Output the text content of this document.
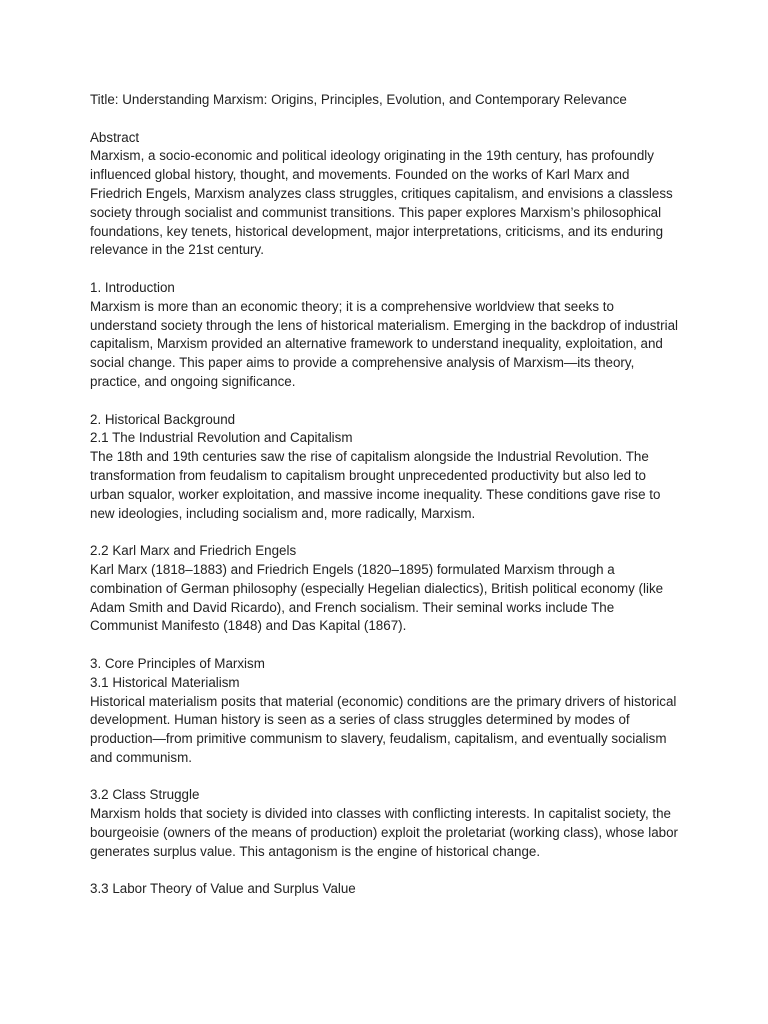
Title: Understanding Marxism: Origins, Principles, Evolution, and Contemporary Relevance

Abstract

Marxism, a socio-economic and political ideology originating in the 19th century, has profoundly influenced global history, thought, and movements. Founded on the works of Karl Marx and Friedrich Engels, Marxism analyzes class struggles, critiques capitalism, and envisions a classless society through socialist and communist transitions. This paper explores Marxism’s philosophical foundations, key tenets, historical development, major interpretations, criticisms, and its enduring relevance in the 21st century.

1. Introduction

Marxism is more than an economic theory; it is a comprehensive worldview that seeks to understand society through the lens of historical materialism. Emerging in the backdrop of industrial capitalism, Marxism provided an alternative framework to understand inequality, exploitation, and social change. This paper aims to provide a comprehensive analysis of Marxism—its theory, practice, and ongoing significance.

2. Historical Background

2.1 The Industrial Revolution and Capitalism

The 18th and 19th centuries saw the rise of capitalism alongside the Industrial Revolution. The transformation from feudalism to capitalism brought unprecedented productivity but also led to urban squalor, worker exploitation, and massive income inequality. These conditions gave rise to new ideologies, including socialism and, more radically, Marxism.

2.2 Karl Marx and Friedrich Engels

Karl Marx (1818–1883) and Friedrich Engels (1820–1895) formulated Marxism through a combination of German philosophy (especially Hegelian dialectics), British political economy (like Adam Smith and David Ricardo), and French socialism. Their seminal works include The Communist Manifesto (1848) and Das Kapital (1867).

3. Core Principles of Marxism

3.1 Historical Materialism

Historical materialism posits that material (economic) conditions are the primary drivers of historical development. Human history is seen as a series of class struggles determined by modes of production—from primitive communism to slavery, feudalism, capitalism, and eventually socialism and communism.

3.2 Class Struggle

Marxism holds that society is divided into classes with conflicting interests. In capitalist society, the bourgeoisie (owners of the means of production) exploit the proletariat (working class), whose labor generates surplus value. This antagonism is the engine of historical change.

3.3 Labor Theory of Value and Surplus Value
